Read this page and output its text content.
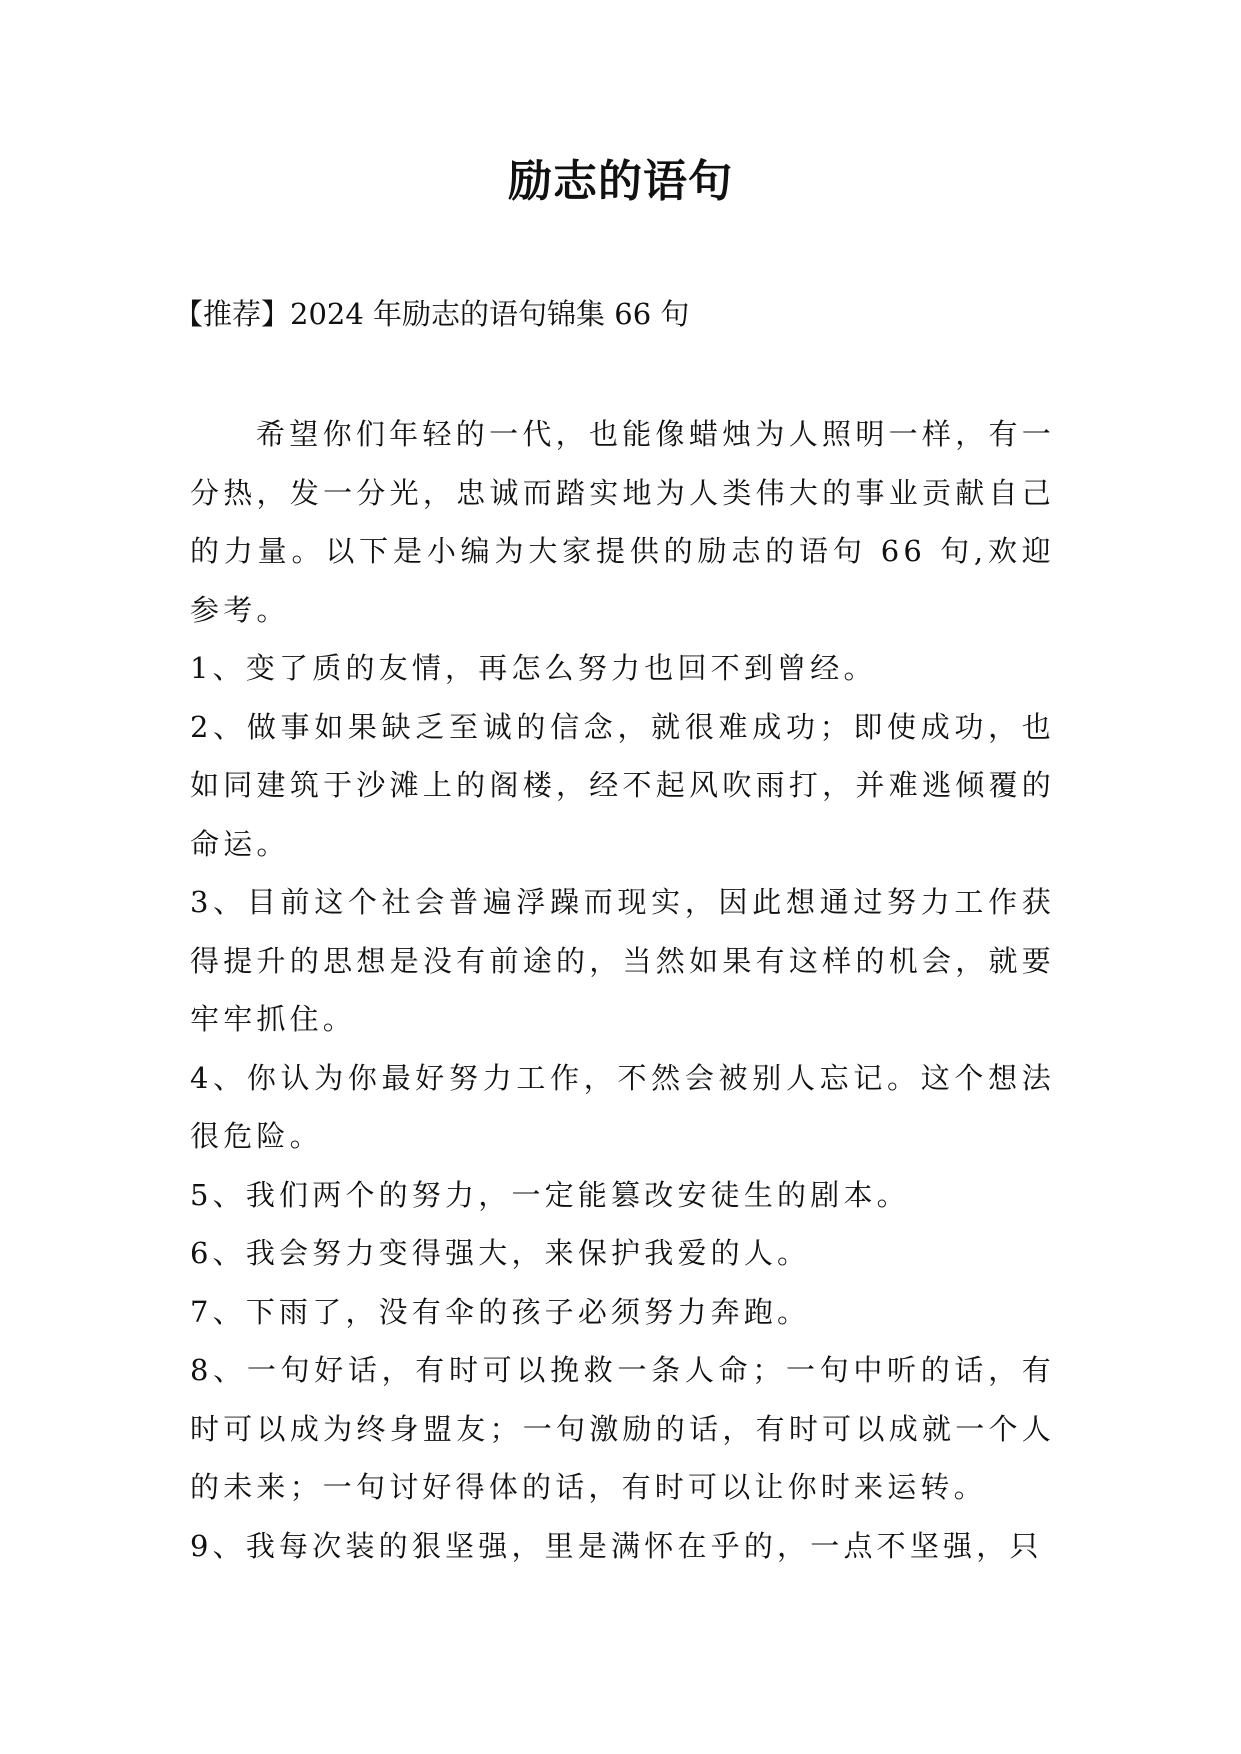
励志的语句
【推荐】2024 年励志的语句锦集 66 句

希望你们年轻的一代，也能像蜡烛为人照明一样，有一分热，发一分光，忠诚而踏实地为人类伟大的事业贡献自己的力量。以下是小编为大家提供的励志的语句 66 句,欢迎参考。

1、变了质的友情，再怎么努力也回不到曾经。

2、做事如果缺乏至诚的信念，就很难成功；即使成功，也如同建筑于沙滩上的阁楼，经不起风吹雨打，并难逃倾覆的命运。

3、目前这个社会普遍浮躁而现实，因此想通过努力工作获得提升的思想是没有前途的，当然如果有这样的机会，就要牢牢抓住。

4、你认为你最好努力工作，不然会被别人忘记。这个想法很危险。

5、我们两个的努力，一定能篡改安徒生的剧本。

6、我会努力变得强大，来保护我爱的人。

7、下雨了，没有伞的孩子必须努力奔跑。

8、一句好话，有时可以挽救一条人命；一句中听的话，有时可以成为终身盟友；一句激励的话，有时可以成就一个人的未来；一句讨好得体的话，有时可以让你时来运转。

9、我每次装的狠坚强，里是满怀在乎的，一点不坚强，只
